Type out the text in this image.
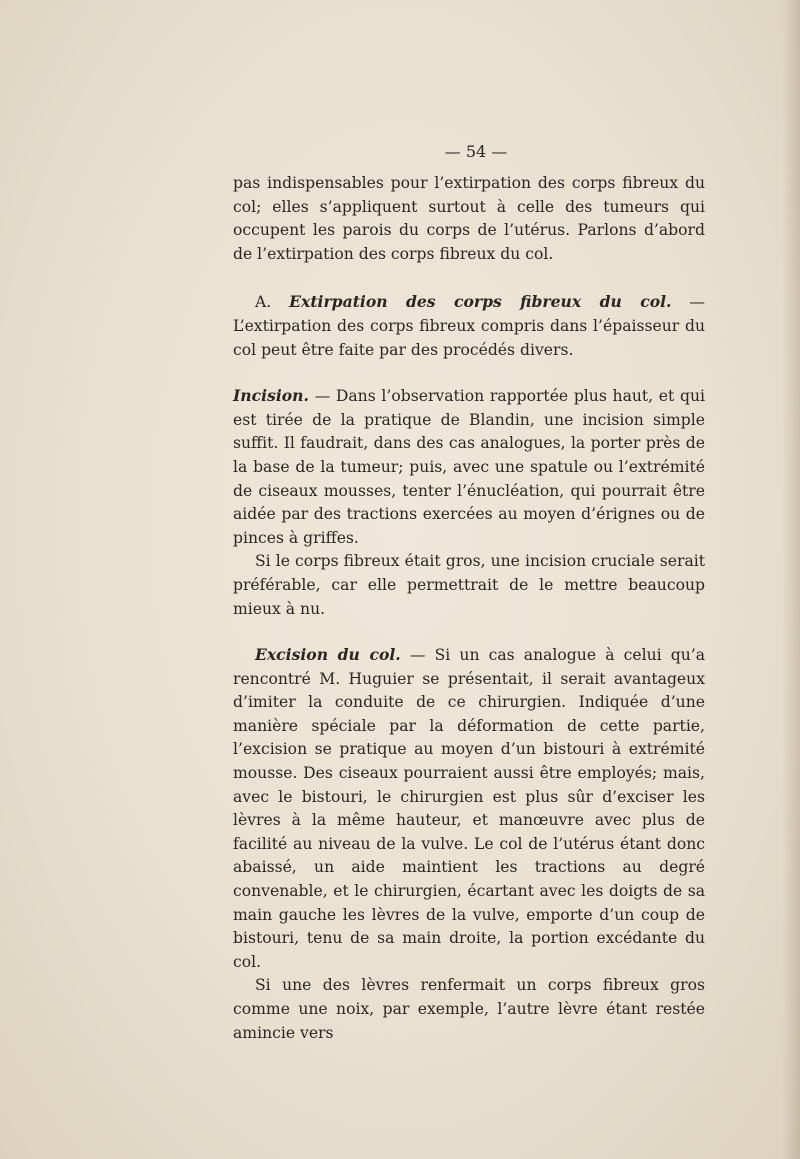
— 54 —

pas indispensables pour l’extirpation des corps fibreux du col; elles s’appliquent surtout à celle des tumeurs qui occupent les parois du corps de l’utérus. Parlons d’abord de l’extirpation des corps fibreux du col.

A. Extirpation des corps fibreux du col. — L’extirpation des corps fibreux compris dans l’épaisseur du col peut être faite par des procédés divers.

Incision. — Dans l’observation rapportée plus haut, et qui est tirée de la pratique de Blandin, une incision simple suffit. Il faudrait, dans des cas analogues, la porter près de la base de la tumeur; puis, avec une spatule ou l’extrémité de ciseaux mousses, tenter l’énucléation, qui pourrait être aidée par des tractions exercées au moyen d’érignes ou de pinces à griffes.

Si le corps fibreux était gros, une incision cruciale serait préférable, car elle permettrait de le mettre beaucoup mieux à nu.

Excision du col. — Si un cas analogue à celui qu’a rencontré M. Huguier se présentait, il serait avantageux d’imiter la conduite de ce chirurgien. Indiquée d’une manière spéciale par la déformation de cette partie, l’excision se pratique au moyen d’un bistouri à extrémité mousse. Des ciseaux pourraient aussi être employés; mais, avec le bistouri, le chirurgien est plus sûr d’exciser les lèvres à la même hauteur, et manœuvre avec plus de facilité au niveau de la vulve. Le col de l’utérus étant donc abaissé, un aide maintient les tractions au degré convenable, et le chirurgien, écartant avec les doigts de sa main gauche les lèvres de la vulve, emporte d’un coup de bistouri, tenu de sa main droite, la portion excédante du col.

Si une des lèvres renfermait un corps fibreux gros comme une noix, par exemple, l’autre lèvre étant restée amincie vers
